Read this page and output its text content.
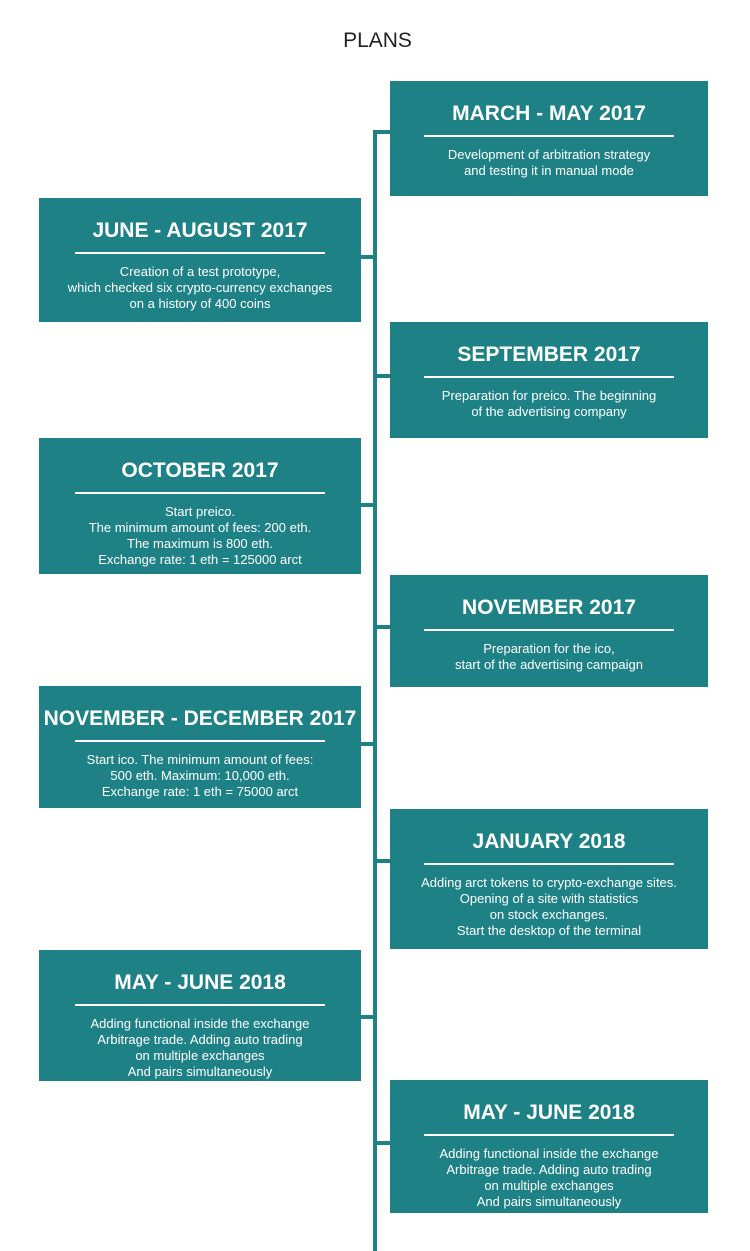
PLANS
MARCH - MAY 2017

Development of arbitration strategy
and testing it in manual mode

JUNE - AUGUST 2017

Creation of a test prototype,
which checked six crypto-currency exchanges
on a history of 400 coins

SEPTEMBER 2017

Preparation for preico. The beginning
of the advertising company

OCTOBER 2017

Start preico.
The minimum amount of fees: 200 eth.
The maximum is 800 eth.
Exchange rate: 1 eth = 125000 arct

NOVEMBER 2017

Preparation for the ico,
start of the advertising campaign

NOVEMBER - DECEMBER 2017

Start ico. The minimum amount of fees:
500 eth. Maximum: 10,000 eth.
Exchange rate: 1 eth = 75000 arct

JANUARY 2018

Adding arct tokens to crypto-exchange sites.
Opening of a site with statistics
on stock exchanges.
Start the desktop of the terminal

MAY - JUNE 2018

Adding functional inside the exchange
Arbitrage trade. Adding auto trading
on multiple exchanges
And pairs simultaneously

MAY - JUNE 2018

Adding functional inside the exchange
Arbitrage trade. Adding auto trading
on multiple exchanges
And pairs simultaneously
